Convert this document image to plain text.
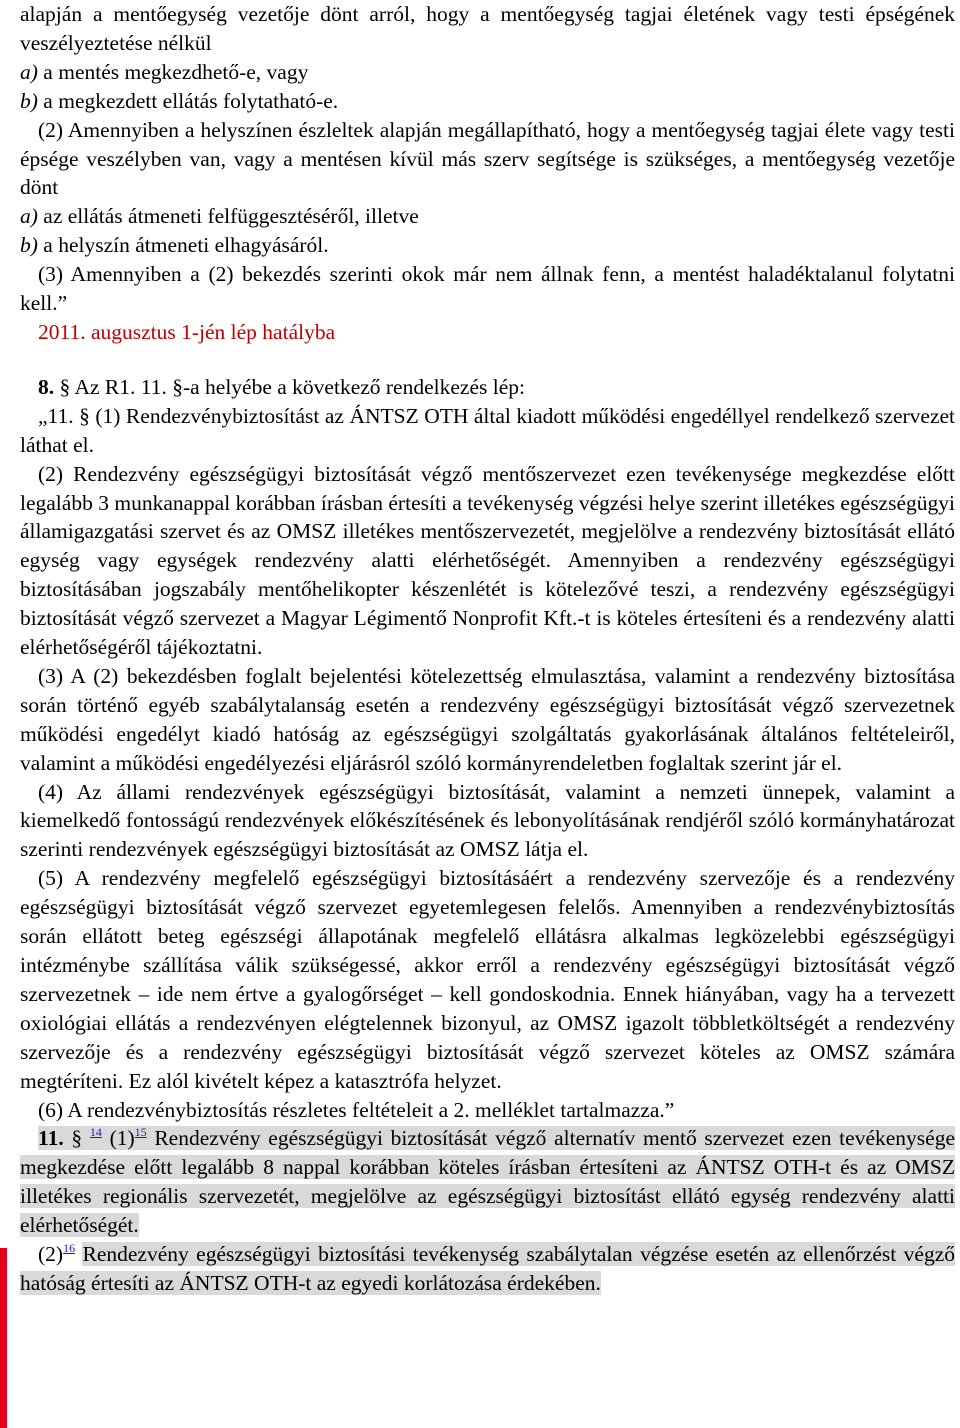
alapján a mentőegység vezetője dönt arról, hogy a mentőegység tagjai életének vagy testi épségének veszélyeztetése nélkül

a) a mentés megkezdhető-e, vagy

b) a megkezdett ellátás folytatható-e.

(2) Amennyiben a helyszínen észleltek alapján megállapítható, hogy a mentőegység tagjai élete vagy testi épsége veszélyben van, vagy a mentésen kívül más szerv segítsége is szükséges, a mentőegység vezetője dönt

a) az ellátás átmeneti felfüggesztéséről, illetve

b) a helyszín átmeneti elhagyásáról.

(3) Amennyiben a (2) bekezdés szerinti okok már nem állnak fenn, a mentést haladéktalanul folytatni kell.”

2011. augusztus 1-jén lép hatályba

8. § Az R1. 11. §-a helyébe a következő rendelkezés lép:

„11. § (1) Rendezvénybiztosítást az ÁNTSZ OTH által kiadott működési engedéllyel rendelkező szervezet láthat el.

(2) Rendezvény egészségügyi biztosítását végző mentőszervezet ezen tevékenysége megkezdése előtt legalább 3 munkanappal korábban írásban értesíti a tevékenység végzési helye szerint illetékes egészségügyi államigazgatási szervet és az OMSZ illetékes mentőszervezetét, megjelölve a rendezvény biztosítását ellátó egység vagy egységek rendezvény alatti elérhetőségét. Amennyiben a rendezvény egészségügyi biztosításában jogszabály mentőhelikopter készenlétét is kötelezővé teszi, a rendezvény egészségügyi biztosítását végző szervezet a Magyar Légimentő Nonprofit Kft.-t is köteles értesíteni és a rendezvény alatti elérhetőségéről tájékoztatni.

(3) A (2) bekezdésben foglalt bejelentési kötelezettség elmulasztása, valamint a rendezvény biztosítása során történő egyéb szabálytalanság esetén a rendezvény egészségügyi biztosítását végző szervezetnek működési engedélyt kiadó hatóság az egészségügyi szolgáltatás gyakorlásának általános feltételeiről, valamint a működési engedélyezési eljárásról szóló kormányrendeletben foglaltak szerint jár el.

(4) Az állami rendezvények egészségügyi biztosítását, valamint a nemzeti ünnepek, valamint a kiemelkedő fontosságú rendezvények előkészítésének és lebonyolításának rendjéről szóló kormányhatározat szerinti rendezvények egészségügyi biztosítását az OMSZ látja el.

(5) A rendezvény megfelelő egészségügyi biztosításáért a rendezvény szervezője és a rendezvény egészségügyi biztosítását végző szervezet egyetemlegesen felelős. Amennyiben a rendezvénybiztosítás során ellátott beteg egészségi állapotának megfelelő ellátásra alkalmas legközelebbi egészségügyi intézménybe szállítása válik szükségessé, akkor erről a rendezvény egészségügyi biztosítását végző szervezetnek – ide nem értve a gyalogőrséget – kell gondoskodnia. Ennek hiányában, vagy ha a tervezett oxiológiai ellátás a rendezvényen elégtelennek bizonyul, az OMSZ igazolt többletköltségét a rendezvény szervezője és a rendezvény egészségügyi biztosítását végző szervezet köteles az OMSZ számára megtéríteni. Ez alól kivételt képez a katasztrófa helyzet.

(6) A rendezvénybiztosítás részletes feltételeit a 2. melléklet tartalmazza.”

11. § $^{14}$ (1)$^{15}$ Rendezvény egészségügyi biztosítását végző alternatív mentő szervezet ezen tevékenysége megkezdése előtt legalább 8 nappal korábban köteles írásban értesíteni az ÁNTSZ OTH-t és az OMSZ illetékes regionális szervezetét, megjelölve az egészségügyi biztosítást ellátó egység rendezvény alatti elérhetőségét.

(2)$^{16}$ Rendezvény egészségügyi biztosítási tevékenység szabálytalan végzése esetén az ellenőrzést végző hatóság értesíti az ÁNTSZ OTH-t az egyedi korlátozása érdekében.
